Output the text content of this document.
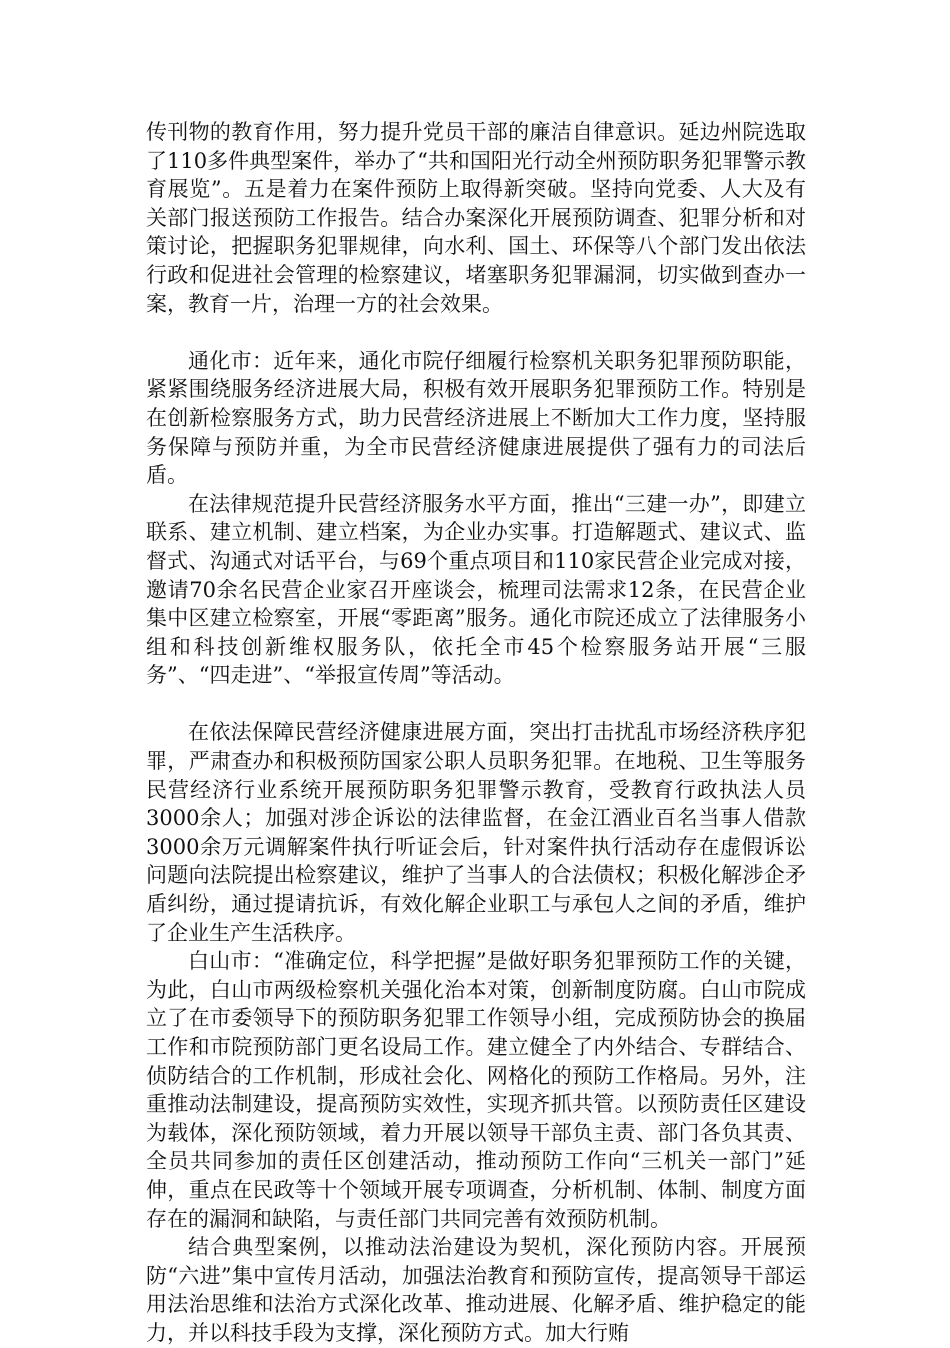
传刊物的教育作用，努力提升党员干部的廉洁自律意识。延边州院选取了110多件典型案件，举办了“共和国阳光行动全州预防职务犯罪警示教育展览”。五是着力在案件预防上取得新突破。坚持向党委、人大及有关部门报送预防工作报告。结合办案深化开展预防调查、犯罪分析和对策讨论，把握职务犯罪规律，向水利、国土、环保等八个部门发出依法行政和促进社会管理的检察建议，堵塞职务犯罪漏洞，切实做到查办一案，教育一片，治理一方的社会效果。

通化市：近年来，通化市院仔细履行检察机关职务犯罪预防职能，紧紧围绕服务经济进展大局，积极有效开展职务犯罪预防工作。特别是在创新检察服务方式，助力民营经济进展上不断加大工作力度，坚持服务保障与预防并重，为全市民营经济健康进展提供了强有力的司法后盾。

在法律规范提升民营经济服务水平方面，推出“三建一办”，即建立联系、建立机制、建立档案，为企业办实事。打造解题式、建议式、监督式、沟通式对话平台，与69个重点项目和110家民营企业完成对接，邀请70余名民营企业家召开座谈会，梳理司法需求12条，在民营企业集中区建立检察室，开展“零距离”服务。通化市院还成立了法律服务小组和科技创新维权服务队，依托全市45个检察服务站开展“三服务”、“四走进”、“举报宣传周”等活动。

在依法保障民营经济健康进展方面，突出打击扰乱市场经济秩序犯罪，严肃查办和积极预防国家公职人员职务犯罪。在地税、卫生等服务民营经济行业系统开展预防职务犯罪警示教育，受教育行政执法人员3000余人；加强对涉企诉讼的法律监督，在金江酒业百名当事人借款3000余万元调解案件执行听证会后，针对案件执行活动存在虚假诉讼问题向法院提出检察建议，维护了当事人的合法债权；积极化解涉企矛盾纠纷，通过提请抗诉，有效化解企业职工与承包人之间的矛盾，维护了企业生产生活秩序。

白山市：“准确定位，科学把握”是做好职务犯罪预防工作的关键，为此，白山市两级检察机关强化治本对策，创新制度防腐。白山市院成立了在市委领导下的预防职务犯罪工作领导小组，完成预防协会的换届工作和市院预防部门更名设局工作。建立健全了内外结合、专群结合、侦防结合的工作机制，形成社会化、网格化的预防工作格局。另外，注重推动法制建设，提高预防实效性，实现齐抓共管。以预防责任区建设为载体，深化预防领域，着力开展以领导干部负主责、部门各负其责、全员共同参加的责任区创建活动，推动预防工作向“三机关一部门”延伸，重点在民政等十个领域开展专项调查，分析机制、体制、制度方面存在的漏洞和缺陷，与责任部门共同完善有效预防机制。

结合典型案例，以推动法治建设为契机，深化预防内容。开展预防“六进”集中宣传月活动，加强法治教育和预防宣传，提高领导干部运用法治思维和法治方式深化改革、推动进展、化解矛盾、维护稳定的能力，并以科技手段为支撑，深化预防方式。加大行贿
